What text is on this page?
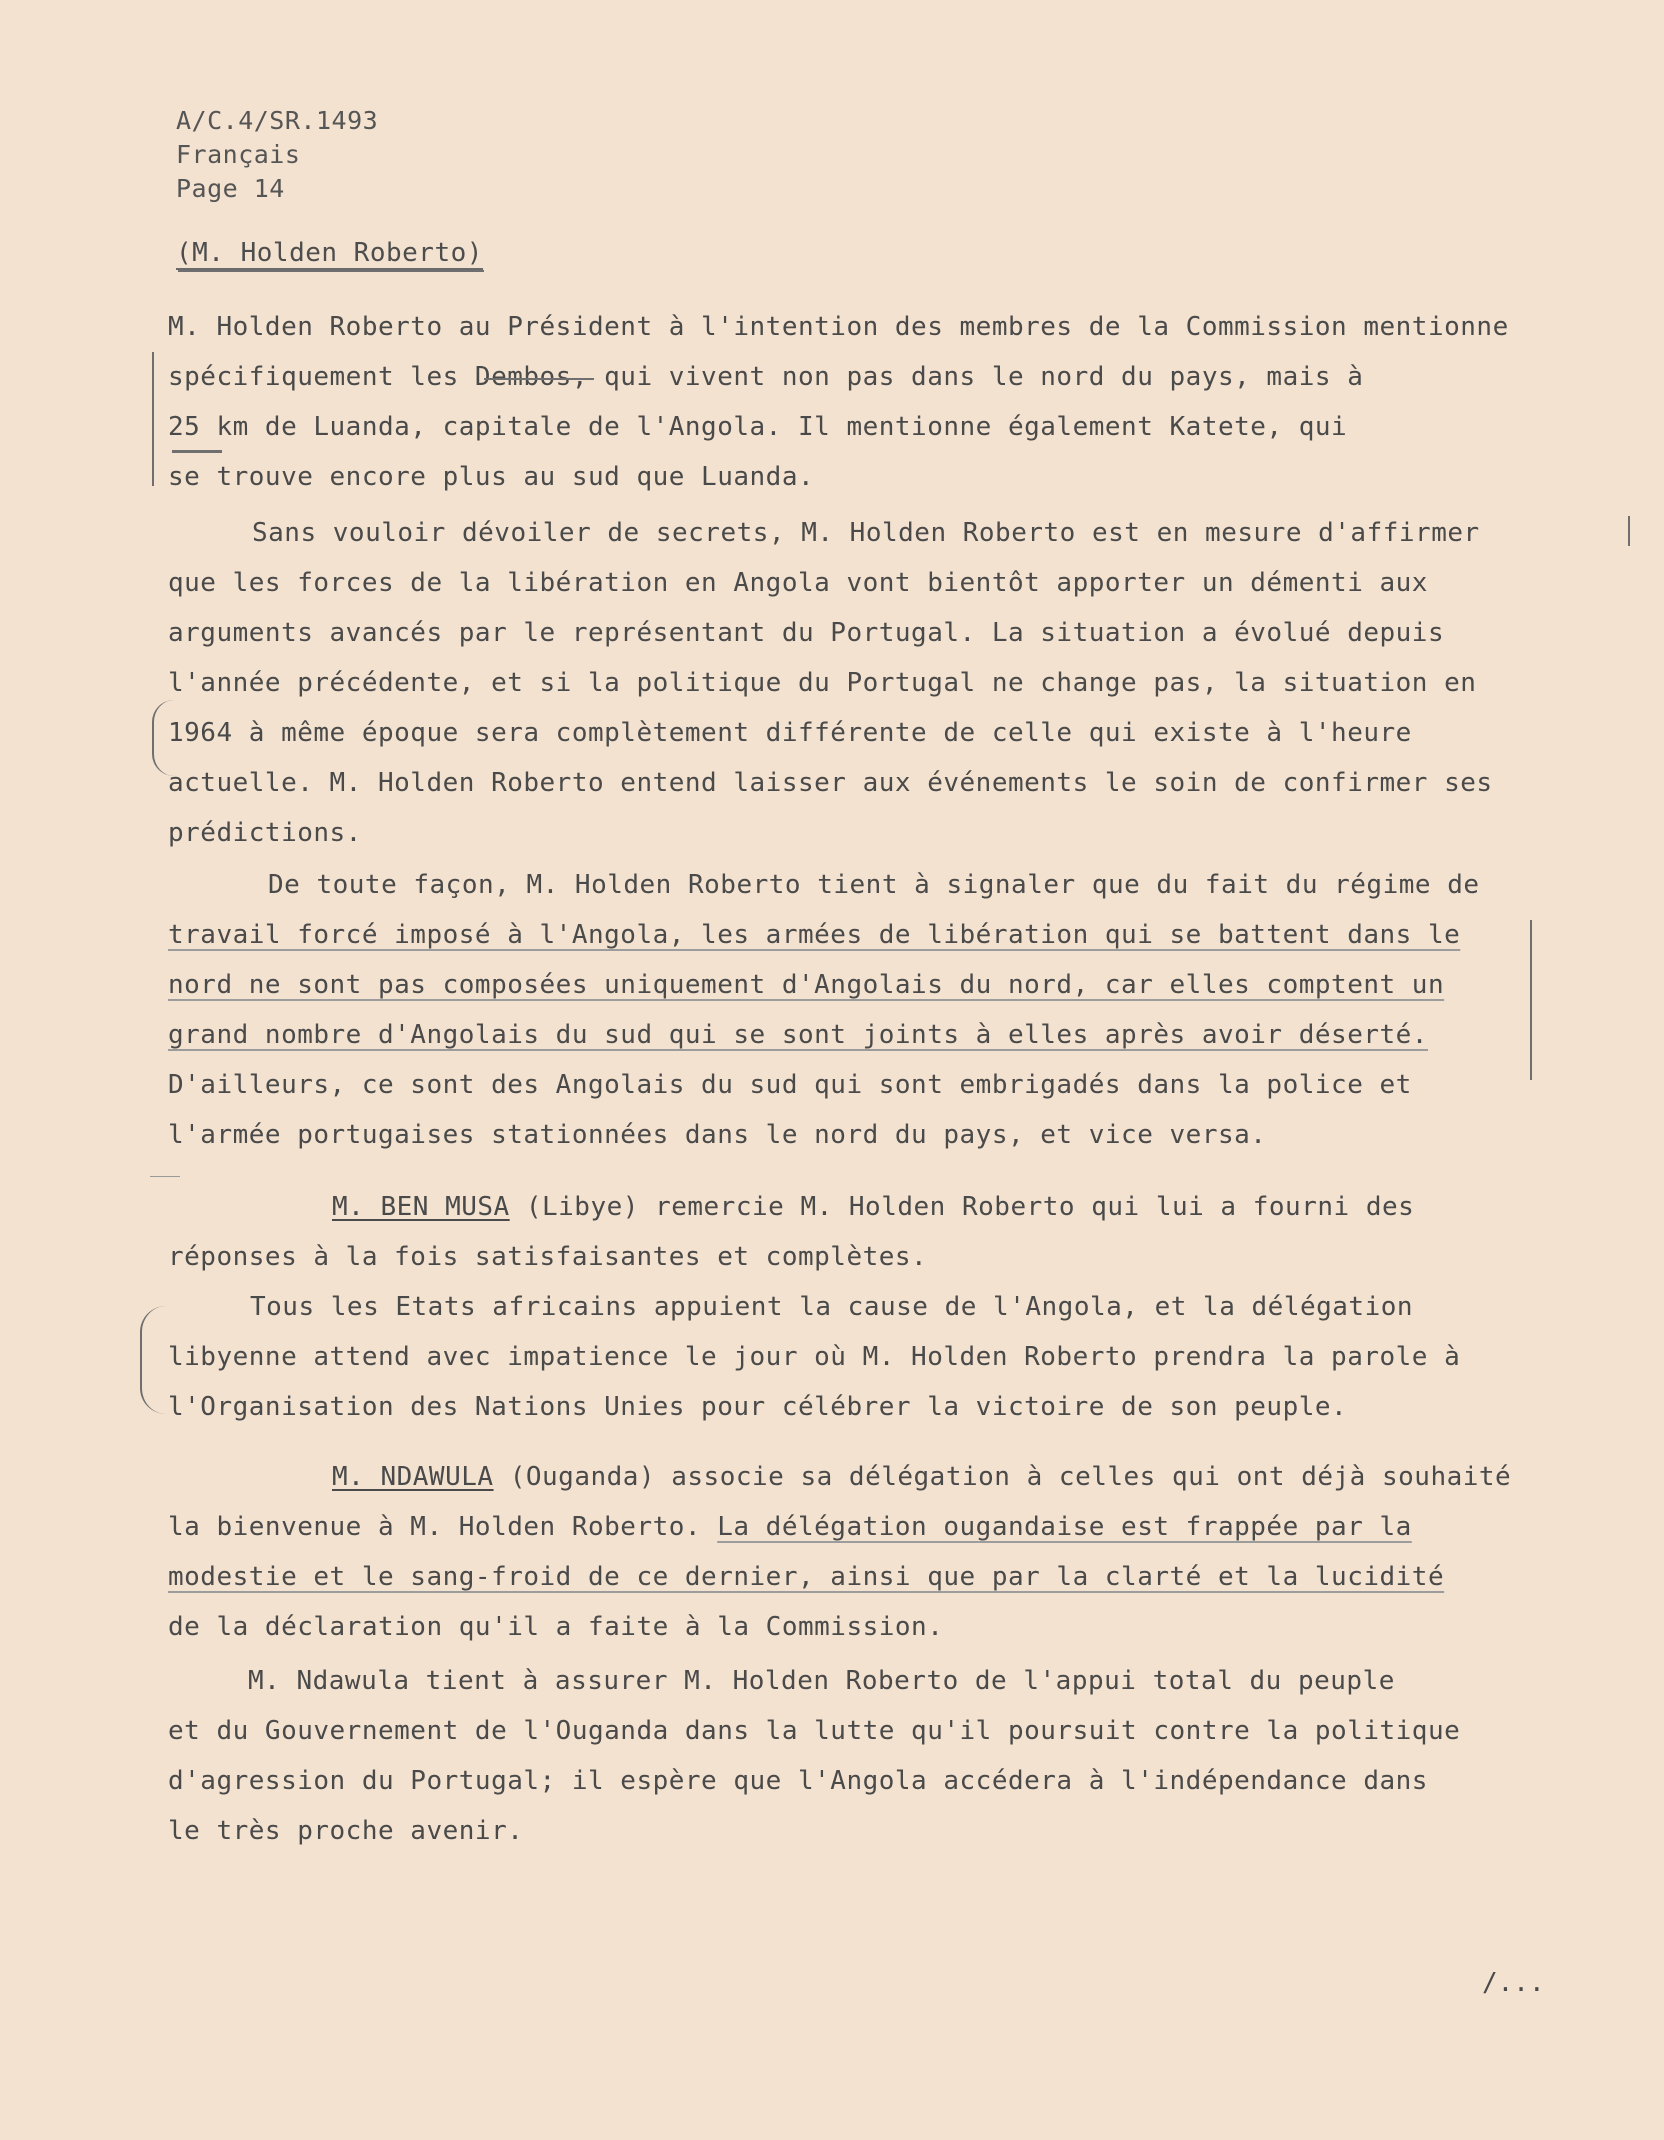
A/C.4/SR.1493
Français
Page 14
(M. Holden Roberto)
M. Holden Roberto au Président à l'intention des membres de la Commission mentionne
spécifiquement les Dembos, qui vivent non pas dans le nord du pays, mais à
25 km de Luanda, capitale de l'Angola. Il mentionne également Katete, qui
se trouve encore plus au sud que Luanda.
Sans vouloir dévoiler de secrets, M. Holden Roberto est en mesure d'affirmer
que les forces de la libération en Angola vont bientôt apporter un démenti aux
arguments avancés par le représentant du Portugal. La situation a évolué depuis
l'année précédente, et si la politique du Portugal ne change pas, la situation en
1964 à même époque sera complètement différente de celle qui existe à l'heure
actuelle. M. Holden Roberto entend laisser aux événements le soin de confirmer ses
prédictions.
De toute façon, M. Holden Roberto tient à signaler que du fait du régime de
travail forcé imposé à l'Angola, les armées de libération qui se battent dans le
nord ne sont pas composées uniquement d'Angolais du nord, car elles comptent un
grand nombre d'Angolais du sud qui se sont joints à elles après avoir déserté.
D'ailleurs, ce sont des Angolais du sud qui sont embrigadés dans la police et
l'armée portugaises stationnées dans le nord du pays, et vice versa.
M. BEN MUSA (Libye) remercie M. Holden Roberto qui lui a fourni des
réponses à la fois satisfaisantes et complètes.
Tous les Etats africains appuient la cause de l'Angola, et la délégation
libyenne attend avec impatience le jour où M. Holden Roberto prendra la parole à
l'Organisation des Nations Unies pour célébrer la victoire de son peuple.
M. NDAWULA (Ouganda) associe sa délégation à celles qui ont déjà souhaité
la bienvenue à M. Holden Roberto. La délégation ougandaise est frappée par la
modestie et le sang-froid de ce dernier, ainsi que par la clarté et la lucidité
de la déclaration qu'il a faite à la Commission.
M. Ndawula tient à assurer M. Holden Roberto de l'appui total du peuple
et du Gouvernement de l'Ouganda dans la lutte qu'il poursuit contre la politique
d'agression du Portugal; il espère que l'Angola accédera à l'indépendance dans
le très proche avenir.
/...
